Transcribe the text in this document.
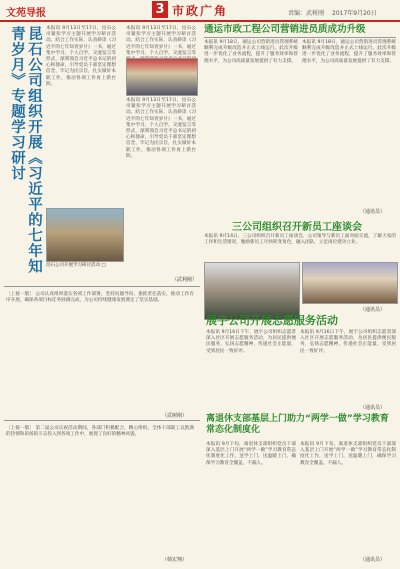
文苑导报	3 市政广角	责编：武树刚 2017年9月20日
昆石公司组织开展《习近平的七年知青岁月》专题学习研讨	本报讯 9月13日至17日，昆石公司紧扣学习主题开展学习研讨活动。结合工作实际，认真研读《习近平的七年知青岁月》一书，通过集中学习、个人自学、交流发言等形式，深刻领会习近平总书记的初心和使命，引导党员干部坚定理想信念，牢记为民宗旨，扎实做好本职工作，推动各项工作再上新台阶。
昆石公司开展学习研讨活动 □
本报讯 9月13日至17日，昆石公司紧扣学习主题开展学习研讨活动。结合工作实际，认真研读《习近平的七年知青岁月》一书，通过集中学习、个人自学、交流发言等
本报讯 9月13日至17日，昆石公司紧扣学习主题开展学习研讨活动。结合工作实际，认真研读《习近平的七年知青岁月》一书，通过集中学习、个人自学、交流发言等形式，深刻领会习近平总书记的初心和使命，引导党员干部坚定理想信念，牢记为民宗旨，扎实做好本职工作，推动各项工作再上新台阶。
（武利刚）
通运市政工程公司营销进员质成功升级
本报讯 9月18日，通运公司营销进员管理系统顺利完成升级改造并正式上线运行。此次升级进一步优化了业务流程，提升了服务效率和管理水平，为公司高质量发展提供了有力支撑。
本报讯 9月18日，通运公司营销进员管理系统顺利完成升级改造并正式上线运行。此次升级进一步优化了业务流程，提升了服务效率和管理水平，为公司高质量发展提供了有力支撑。
（通讯员）
三公司组织召开新员工座谈会
本报讯 9月14日，三公司组织召开新员工座谈会，公司领导与新员工面对面交流，了解大家的工作和生活情况，勉励新员工尽快转变角色，融入团队，立足岗位建功立业。
（通讯员）
〔上接一版〕 公司认真组织落实各项工作部署，坚持问题导向，狠抓责任落实，推动工作有序开展，确保各项目标任务圆满完成，为公司持续健康发展奠定了坚实基础。
（武树刚）
〔上接一版〕 第二届公司庆祝活动期间，各部门积极配合，精心组织，全体干部职工以饱满的热情和昂扬的斗志投入到各项工作中，展现了良好的精神风貌。
（韩宏翔）
展宇公司开展志愿服务活动
本报讯 9月16日下午，展宇公司组织志愿者深入社区开展志愿服务活动，为居民提供便民服务，弘扬志愿精神，传递社会正能量，受到居民一致好评。
本报讯 9月16日下午，展宇公司组织志愿者深入社区开展志愿服务活动，为居民提供便民服务，弘扬志愿精神，传递社会正能量，受到居民一致好评。
（通讯员）
离退休支部基层上门助力“两学一做”学习教育常态化制度化
本报讯 9月下旬，离退休支部组织党员干部深入基层上门开展“两学一做”学习教育常态化制度化工作，送学上门，送温暖上门，确保学习教育全覆盖、不漏人。
本报讯 9月下旬，离退休支部组织党员干部深入基层上门开展“两学一做”学习教育常态化制度化工作，送学上门，送温暖上门，确保学习教育全覆盖、不漏人。
（通讯员）
